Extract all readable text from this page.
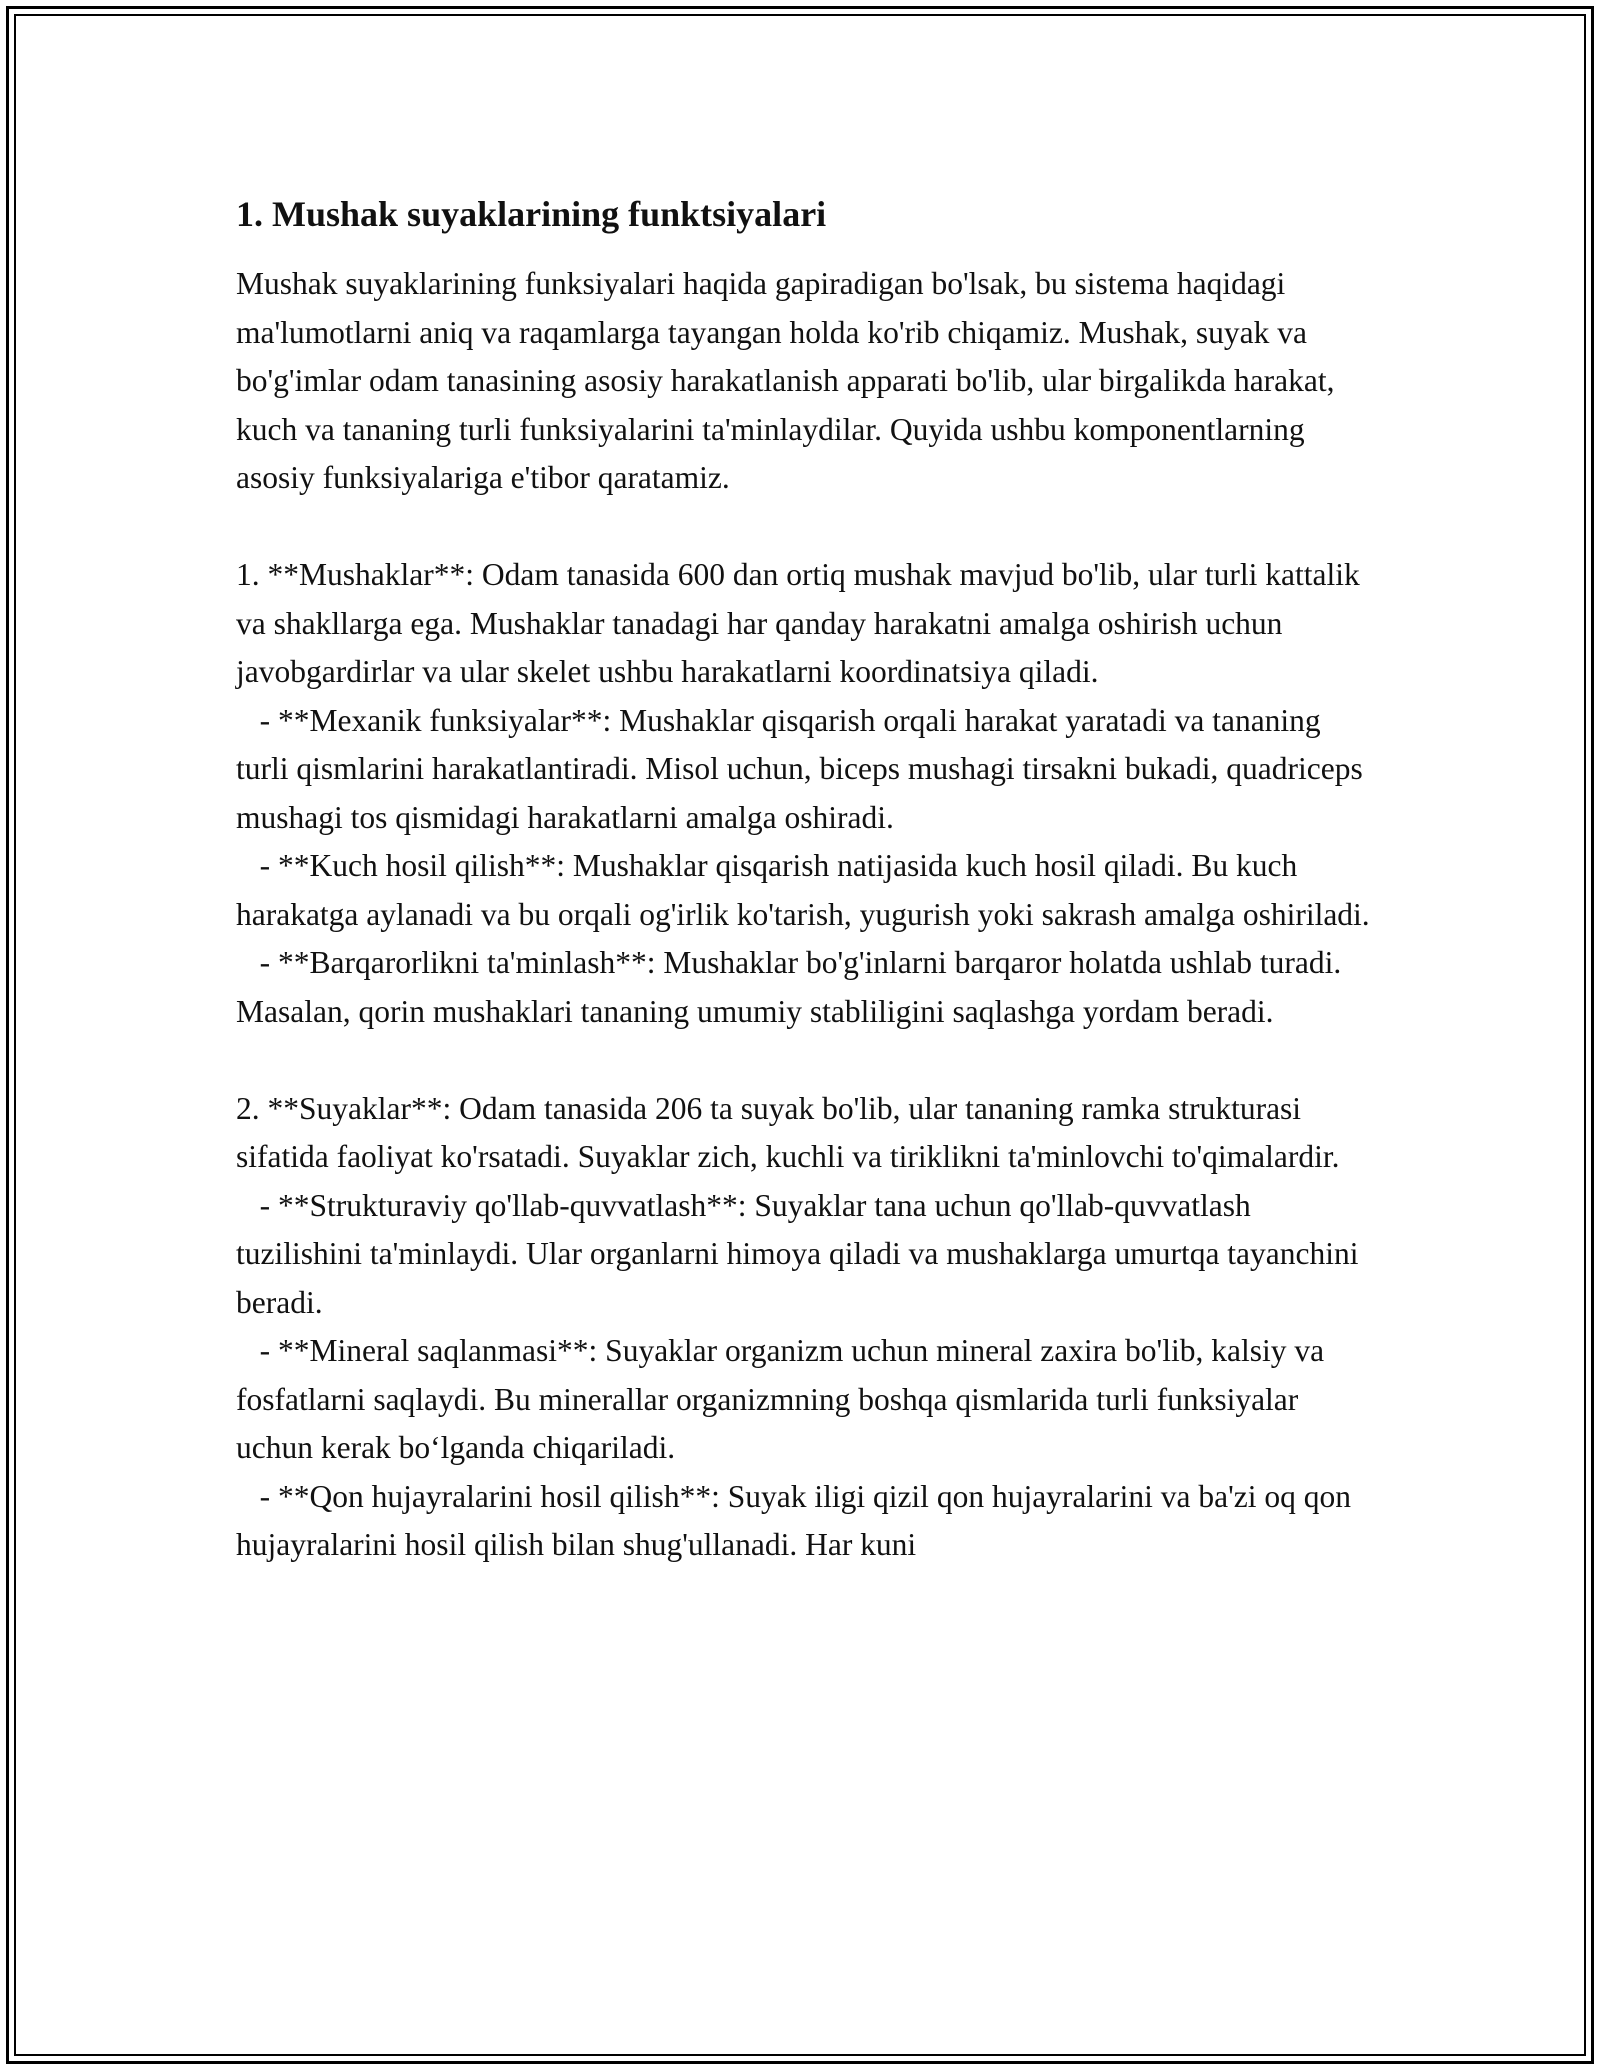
1. Mushak suyaklarining funktsiyalari

Mushak suyaklarining funksiyalari haqida gapiradigan bo'lsak, bu sistema haqidagi ma'lumotlarni aniq va raqamlarga tayangan holda ko'rib chiqamiz. Mushak, suyak va bo'g'imlar odam tanasining asosiy harakatlanish apparati bo'lib, ular birgalikda harakat, kuch va tananing turli funksiyalarini ta'minlaydilar. Quyida ushbu komponentlarning asosiy funksiyalariga e'tibor qaratamiz.

1. **Mushaklar**: Odam tanasida 600 dan ortiq mushak mavjud bo'lib, ular turli kattalik va shakllarga ega. Mushaklar tanadagi har qanday harakatni amalga oshirish uchun javobgardirlar va ular skelet ushbu harakatlarni koordinatsiya qiladi.

- **Mexanik funksiyalar**: Mushaklar qisqarish orqali harakat yaratadi va tananing turli qismlarini harakatlantiradi. Misol uchun, biceps mushagi tirsakni bukadi, quadriceps mushagi tos qismidagi harakatlarni amalga oshiradi.

- **Kuch hosil qilish**: Mushaklar qisqarish natijasida kuch hosil qiladi. Bu kuch harakatga aylanadi va bu orqali og'irlik ko'tarish, yugurish yoki sakrash amalga oshiriladi.

- **Barqarorlikni ta'minlash**: Mushaklar bo'g'inlarni barqaror holatda ushlab turadi. Masalan, qorin mushaklari tananing umumiy stabliligini saqlashga yordam beradi.

2. **Suyaklar**: Odam tanasida 206 ta suyak bo'lib, ular tananing ramka strukturasi sifatida faoliyat ko'rsatadi. Suyaklar zich, kuchli va tiriklikni ta'minlovchi to'qimalardir.

- **Strukturaviy qo'llab-quvvatlash**: Suyaklar tana uchun qo'llab-quvvatlash tuzilishini ta'minlaydi. Ular organlarni himoya qiladi va mushaklarga umurtqa tayanchini beradi.

- **Mineral saqlanmasi**: Suyaklar organizm uchun mineral zaxira bo'lib, kalsiy va fosfatlarni saqlaydi. Bu minerallar organizmning boshqa qismlarida turli funksiyalar uchun kerak bo‘lganda chiqariladi.

- **Qon hujayralarini hosil qilish**: Suyak iligi qizil qon hujayralarini va ba'zi oq qon hujayralarini hosil qilish bilan shug'ullanadi. Har kuni
